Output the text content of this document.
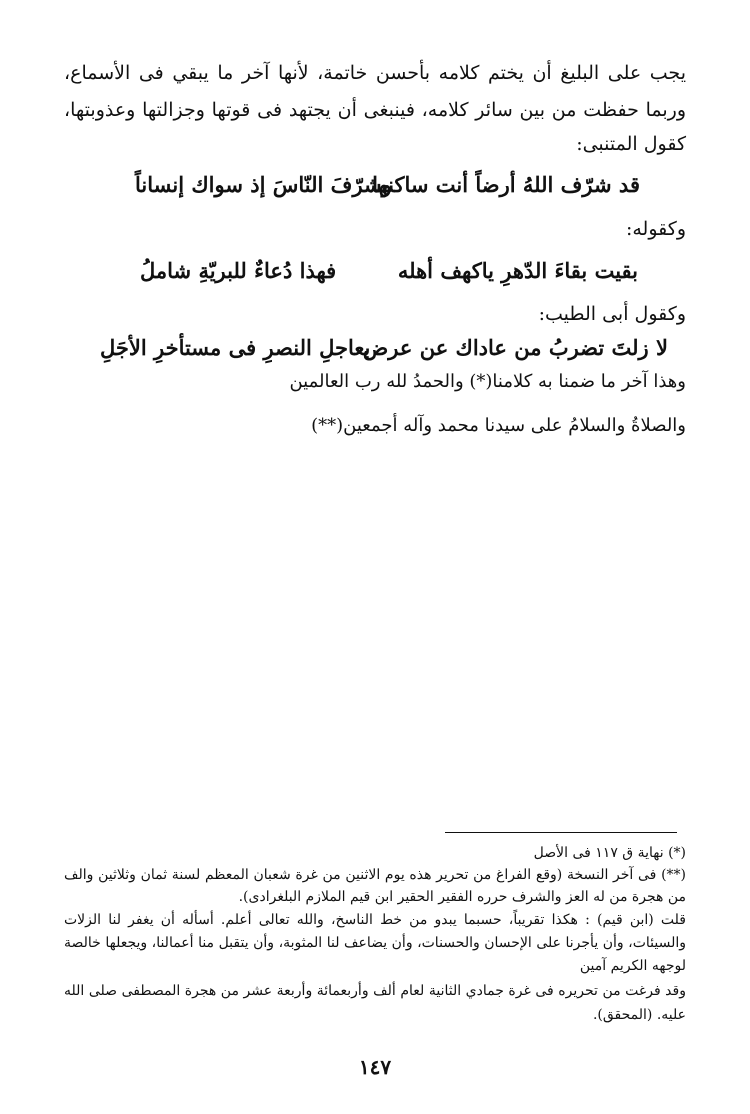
يجب على البليغ أن يختم كلامه بأحسن خاتمة، لأنها آخر ما يبقي فى الأسماع،
وربما حفظت من بين سائر كلامه، فينبغى أن يجتهد فى قوتها وجزالتها وعذوبتها،
كقول المتنبى:
قد شرّف اللهُ أرضاً أنت ساكنها
وشرّفَ النّاسَ إذ سواك إنساناً
وكقوله:
بقيت بقاءَ الدّهرِ ياكهف أهله
فهذا دُعاءٌ للبريّةِ شاملُ
وكقول أبى الطيب:
لا زلتَ تضربُ من عاداك عن عرض
بعاجلِ النصرِ فى مستأخرِ الأجَلِ
وهذا آخر ما ضمنا به كلامنا(*) والحمدُ لله رب العالمين
والصلاةُ والسلامُ على سيدنا محمد وآله أجمعين(**)
(*) نهاية ق ١١٧ فى الأصل
(**) فى آخر النسخة (وقع الفراغ من تحرير هذه يوم الاثنين من غرة شعبان المعظم لسنة ثمان وثلاثين والف
من هجرة من له العز والشرف حرره الفقير الحقير ابن قيم الملازم البلغرادى).
قلت (ابن قيم) : هكذا تقريباً، حسبما يبدو من خط الناسخ، والله تعالى أعلم. أسأله أن يغفر لنا الزلات
والسيئات، وأن يأجرنا على الإحسان والحسنات، وأن يضاعف لنا المثوبة، وأن يتقبل منا أعمالنا، ويجعلها خالصة
لوجهه الكريم آمين
وقد فرغت من تحريره فى غرة جمادي الثانية لعام ألف وأربعمائة وأربعة عشر من هجرة المصطفى صلى الله
عليه. (المحقق).
١٤٧
